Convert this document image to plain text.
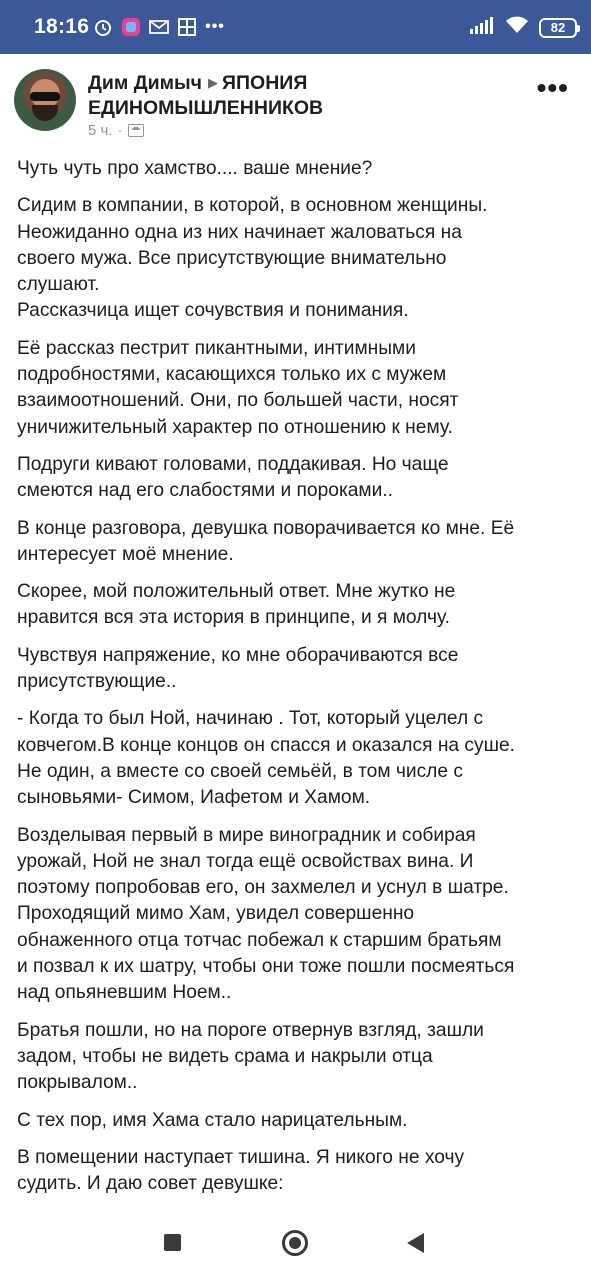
18:16	•••	82
Дим Димыч ▶ ЯПОНИЯ ЕДИНОМЫШЛЕННИКОВ
5 ч. ·
•••

Чуть чуть про хамство.... ваше мнение?

Сидим в компании, в которой, в основном женщины.
Неожиданно одна из них начинает жаловаться на
своего мужа. Все присутствующие внимательно
слушают.
Рассказчица ищет сочувствия и понимания.

Её рассказ пестрит пикантными, интимными
подробностями, касающихся только их с мужем
взаимоотношений. Они, по большей части, носят
уничижительный характер по отношению к нему.

Подруги кивают головами, поддакивая. Но чаще
смеются над его слабостями и пороками..

В конце разговора, девушка поворачивается ко мне. Её
интересует моё мнение.

Скорее, мой положительный ответ. Мне жутко не
нравится вся эта история в принципе, и я молчу.

Чувствуя напряжение, ко мне оборачиваются все
присутствующие..

- Когда то был Ной, начинаю . Тот, который уцелел с
ковчегом.В конце концов он спасся и оказался на суше.
Не один, а вместе со своей семьёй, в том числе с
сыновьями- Симом, Иафетом и Хамом.

Возделывая первый в мире виноградник и собирая
урожай, Ной не знал тогда ещё освойствах вина. И
поэтому попробовав его, он захмелел и уснул в шатре.
Проходящий мимо Хам, увидел совершенно
обнаженного отца тотчас побежал к старшим братьям
и позвал к их шатру, чтобы они тоже пошли посмеяться
над опьяневшим Ноем..

Братья пошли, но на пороге отвернув взгляд, зашли
задом, чтобы не видеть срама и накрыли отца
покрывалом..

С тех пор, имя Хама стало нарицательным.

В помещении наступает тишина. Я никого не хочу
судить. И даю совет девушке:
